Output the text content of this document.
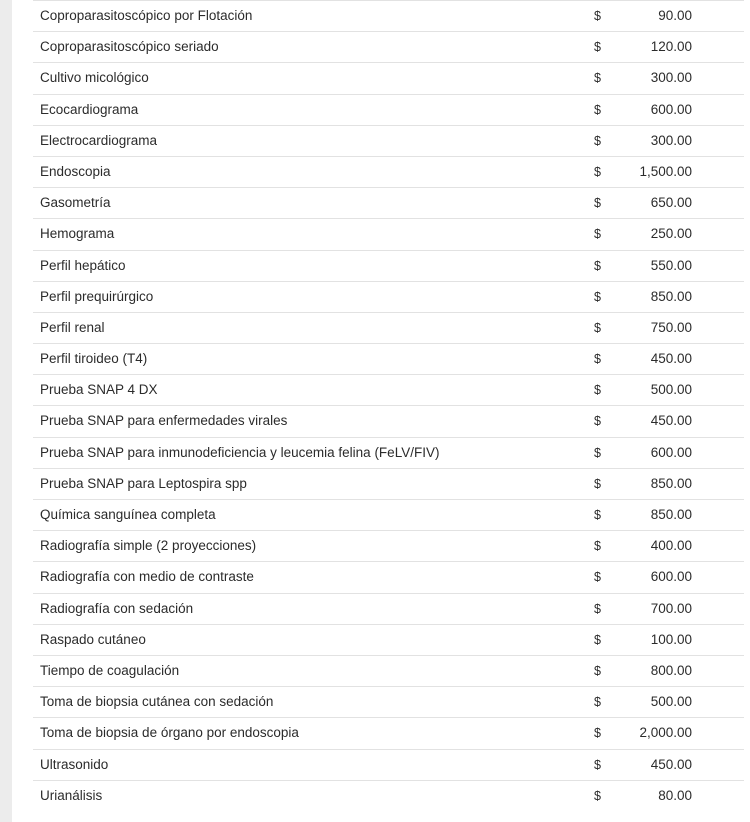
Coproparasitoscópico por Flotación	$	90.00
Coproparasitoscópico seriado	$	120.00
Cultivo micológico	$	300.00
Ecocardiograma	$	600.00
Electrocardiograma	$	300.00
Endoscopia	$	1,500.00
Gasometría	$	650.00
Hemograma	$	250.00
Perfil hepático	$	550.00
Perfil prequirúrgico	$	850.00
Perfil renal	$	750.00
Perfil tiroideo (T4)	$	450.00
Prueba SNAP 4 DX	$	500.00
Prueba SNAP para enfermedades virales	$	450.00
Prueba SNAP para inmunodeficiencia y leucemia felina (FeLV/FIV)	$	600.00
Prueba SNAP para Leptospira spp	$	850.00
Química sanguínea completa	$	850.00
Radiografía simple (2 proyecciones)	$	400.00
Radiografía con medio de contraste	$	600.00
Radiografía con sedación	$	700.00
Raspado cutáneo	$	100.00
Tiempo de coagulación	$	800.00
Toma de biopsia cutánea con sedación	$	500.00
Toma de biopsia de órgano por endoscopia	$	2,000.00
Ultrasonido	$	450.00
Urianálisis	$	80.00
